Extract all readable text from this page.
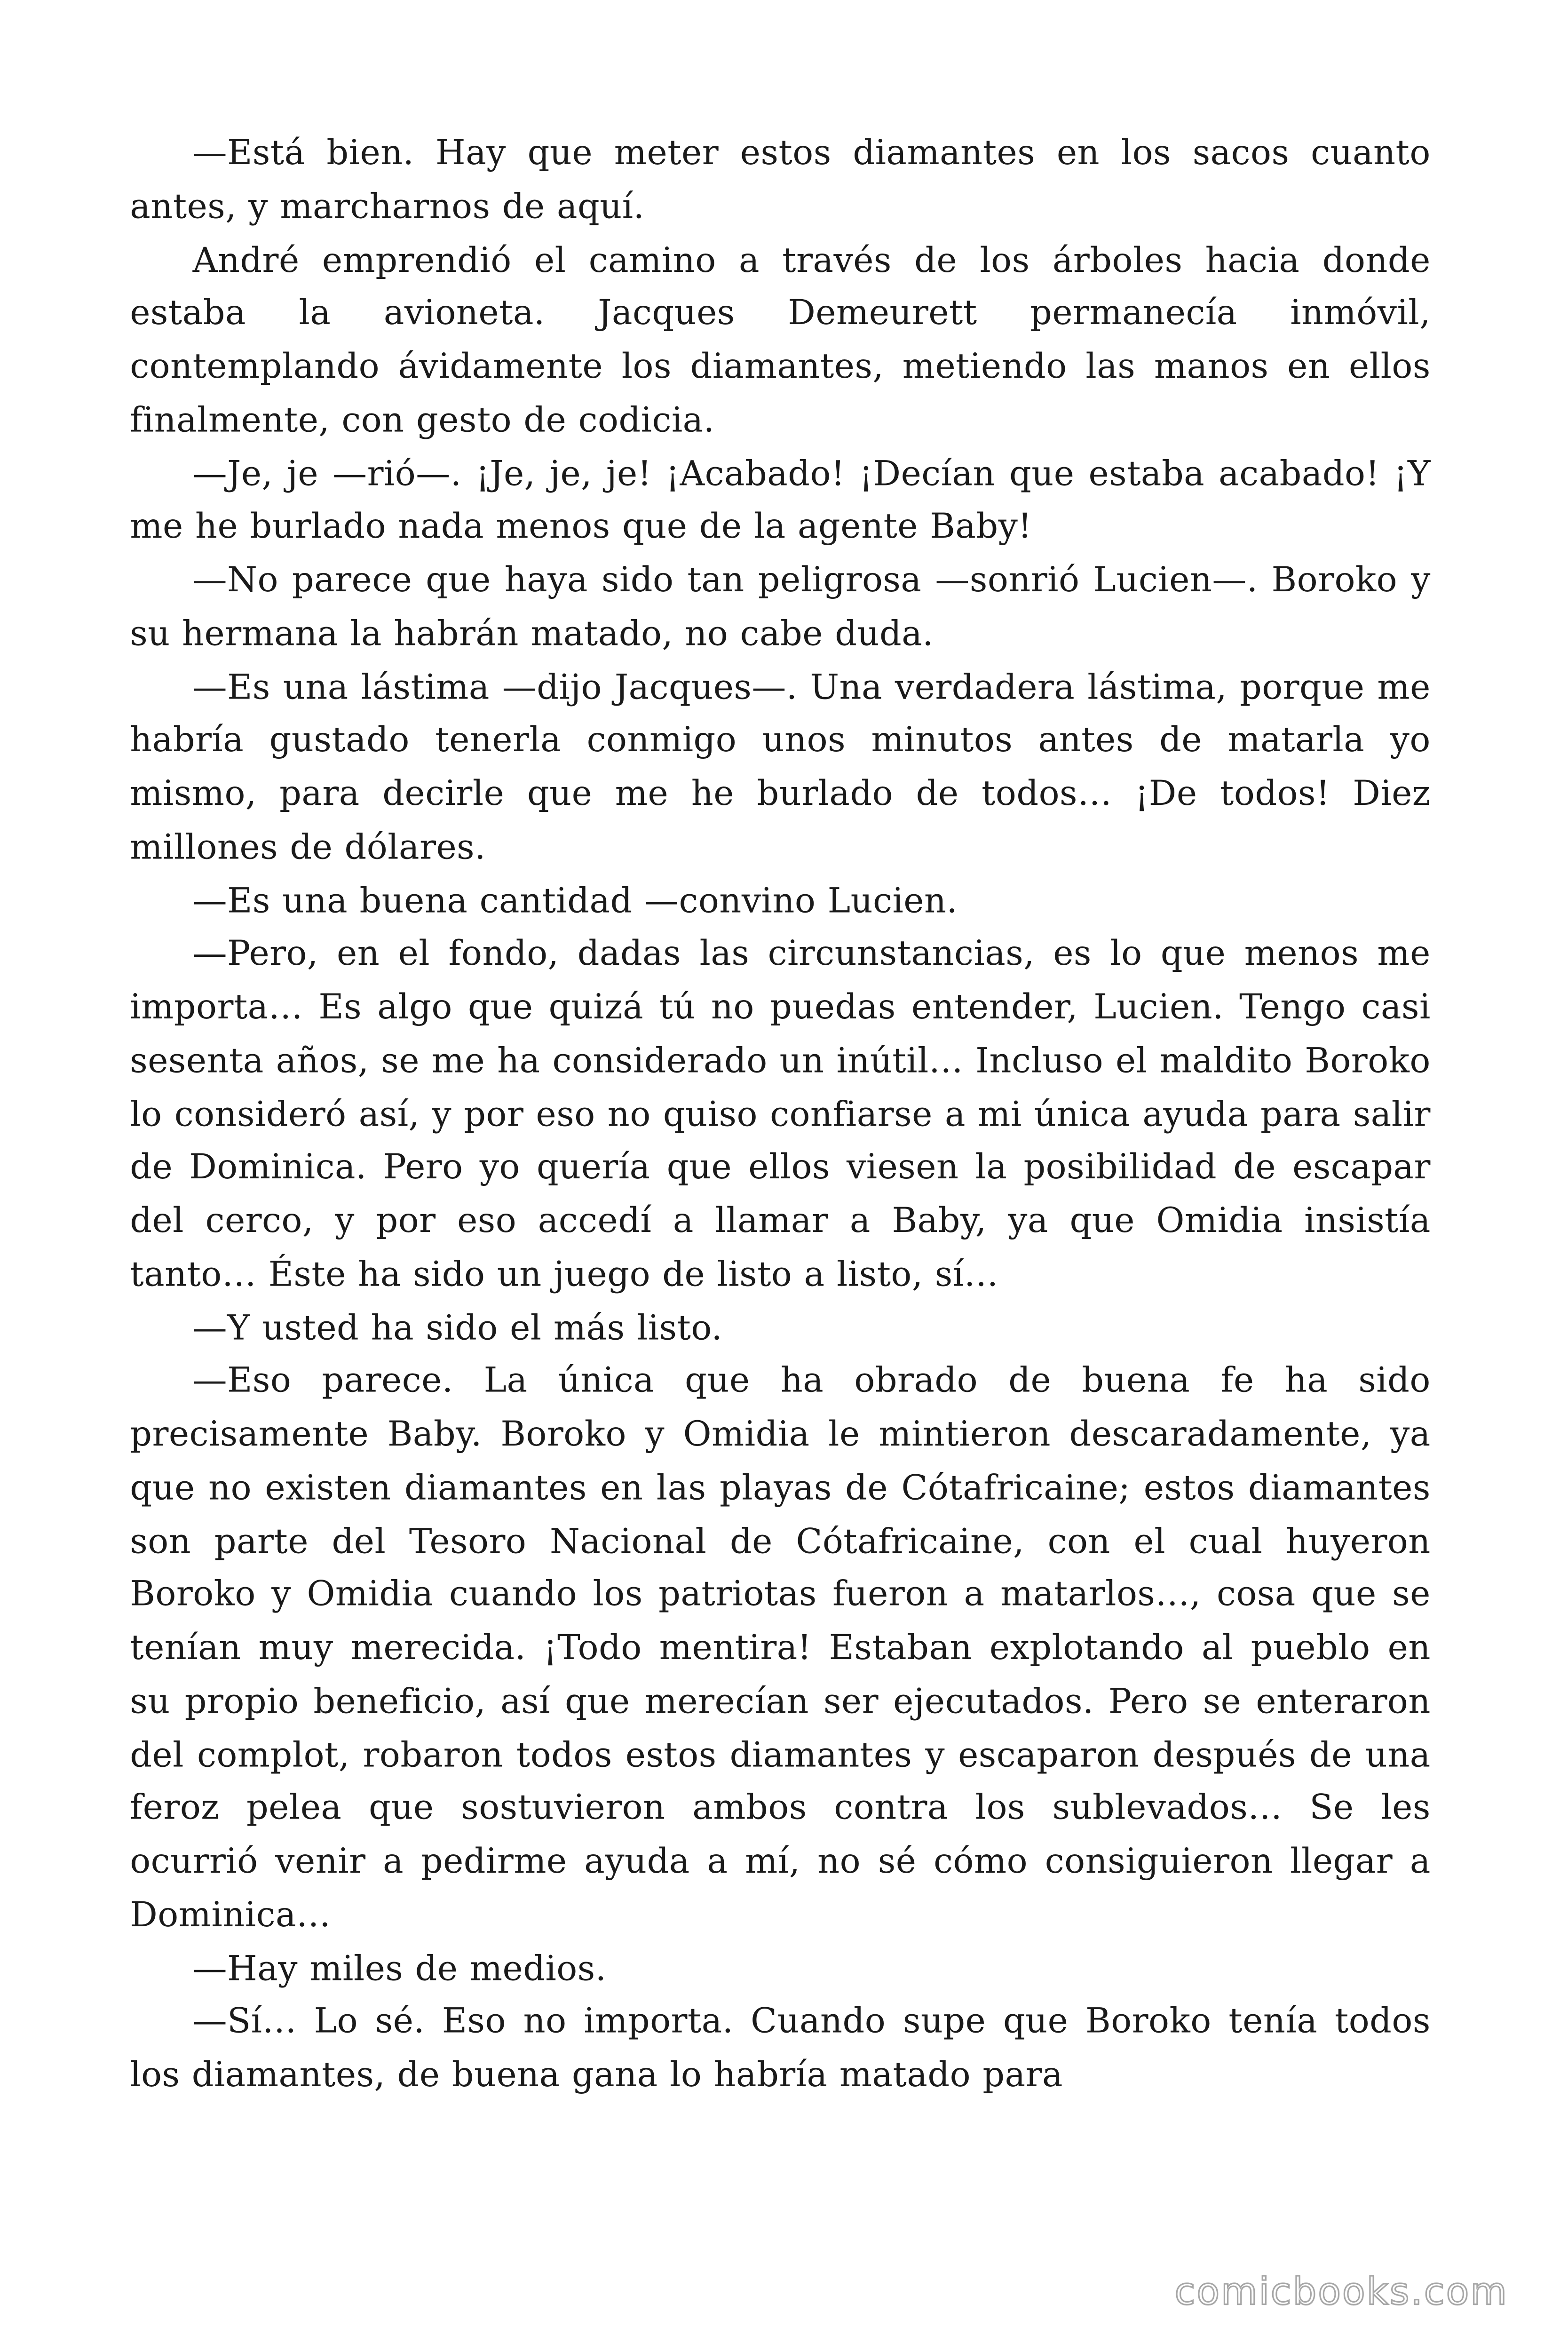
—Está bien. Hay que meter estos diamantes en los sacos cuanto antes, y marcharnos de aquí.

André emprendió el camino a través de los árboles hacia donde estaba la avioneta. Jacques Demeurett permanecía inmóvil, contemplando ávidamente los diamantes, metiendo las manos en ellos finalmente, con gesto de codicia.

—Je, je —rió—. ¡Je, je, je! ¡Acabado! ¡Decían que estaba acabado! ¡Y me he burlado nada menos que de la agente Baby!

—No parece que haya sido tan peligrosa —sonrió Lucien—. Boroko y su hermana la habrán matado, no cabe duda.

—Es una lástima —dijo Jacques—. Una verdadera lástima, porque me habría gustado tenerla conmigo unos minutos antes de matarla yo mismo, para decirle que me he burlado de todos… ¡De todos! Diez millones de dólares.

—Es una buena cantidad —convino Lucien.

—Pero, en el fondo, dadas las circunstancias, es lo que menos me importa… Es algo que quizá tú no puedas entender, Lucien. Tengo casi sesenta años, se me ha considerado un inútil… Incluso el maldito Boroko lo consideró así, y por eso no quiso confiarse a mi única ayuda para salir de Dominica. Pero yo quería que ellos viesen la posibilidad de escapar del cerco, y por eso accedí a llamar a Baby, ya que Omidia insistía tanto… Éste ha sido un juego de listo a listo, sí…

—Y usted ha sido el más listo.

—Eso parece. La única que ha obrado de buena fe ha sido precisamente Baby. Boroko y Omidia le mintieron descaradamente, ya que no existen diamantes en las playas de Cótafricaine; estos diamantes son parte del Tesoro Nacional de Cótafricaine, con el cual huyeron Boroko y Omidia cuando los patriotas fueron a matarlos…, cosa que se tenían muy merecida. ¡Todo mentira! Estaban explotando al pueblo en su propio beneficio, así que merecían ser ejecutados. Pero se enteraron del complot, robaron todos estos diamantes y escaparon después de una feroz pelea que sostuvieron ambos contra los sublevados… Se les ocurrió venir a pedirme ayuda a mí, no sé cómo consiguieron llegar a Dominica…

—Hay miles de medios.

—Sí… Lo sé. Eso no importa. Cuando supe que Boroko tenía todos los diamantes, de buena gana lo habría matado para

comicbooks.com
